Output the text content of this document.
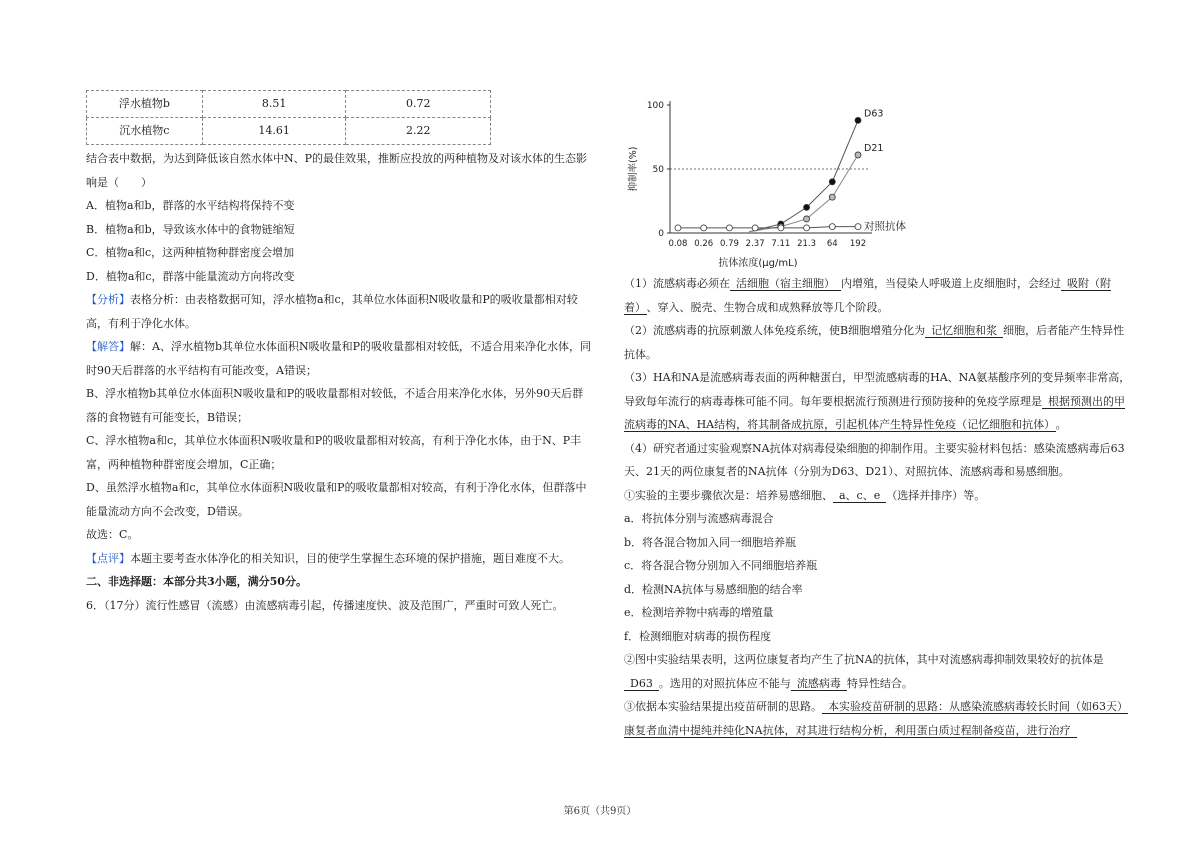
浮水植物b	8.51	0.72
沉水植物c	14.61	2.22

结合表中数据，为达到降低该自然水体中N、P的最佳效果，推断应投放的两种植物及对该水体的生态影响是（　　）

A．植物a和b，群落的水平结构将保持不变

B．植物a和b，导致该水体中的食物链缩短

C．植物a和c，这两种植物种群密度会增加

D．植物a和c，群落中能量流动方向将改变

【分析】表格分析：由表格数据可知，浮水植物a和c，其单位水体面积N吸收量和P的吸收量都相对较高，有利于净化水体。

【解答】解：A、浮水植物b其单位水体面积N吸收量和P的吸收量都相对较低，不适合用来净化水体，同时90天后群落的水平结构有可能改变，A错误；

B、浮水植物b其单位水体面积N吸收量和P的吸收量都相对较低，不适合用来净化水体，另外90天后群落的食物链有可能变长，B错误；

C、浮水植物a和c，其单位水体面积N吸收量和P的吸收量都相对较高，有利于净化水体，由于N、P丰富，两种植物种群密度会增加，C正确；

D、虽然浮水植物a和c，其单位水体面积N吸收量和P的吸收量都相对较高，有利于净化水体，但群落中能量流动方向不会改变，D错误。

故选：C。

【点评】本题主要考查水体净化的相关知识，目的使学生掌握生态环境的保护措施，题目难度不大。

二、非选择题：本部分共3小题，满分50分。

6．（17分）流行性感冒（流感）由流感病毒引起，传播速度快、波及范围广，严重时可致人死亡。

0
50
100
0.08 0.26 0.79 2.37 7.11 21.3 64 192
抑制率(%)
抗体浓度(μg/mL)
D63
D21
对照抗体

（1）流感病毒必须在 活细胞（宿主细胞） 内增殖，当侵染人呼吸道上皮细胞时，会经过 吸附（附着） 、穿入、脱壳、生物合成和成熟释放等几个阶段。

（2）流感病毒的抗原刺激人体免疫系统，使B细胞增殖分化为 记忆细胞和浆 细胞，后者能产生特异性抗体。

（3）HA和NA是流感病毒表面的两种糖蛋白，甲型流感病毒的HA、NA氨基酸序列的变异频率非常高，导致每年流行的病毒毒株可能不同。每年要根据流行预测进行预防接种的免疫学原理是 根据预测出的甲流病毒的NA、HA结构，将其制备成抗原，引起机体产生特异性免疫（记忆细胞和抗体） 。

（4）研究者通过实验观察NA抗体对病毒侵染细胞的抑制作用。主要实验材料包括：感染流感病毒后63天、21天的两位康复者的NA抗体（分别为D63、D21）、对照抗体、流感病毒和易感细胞。

①实验的主要步骤依次是：培养易感细胞、 a、c、e （选择并排序）等。

a．将抗体分别与流感病毒混合

b．将各混合物加入同一细胞培养瓶

c．将各混合物分别加入不同细胞培养瓶

d．检测NA抗体与易感细胞的结合率

e．检测培养物中病毒的增殖量

f．检测细胞对病毒的损伤程度

②图中实验结果表明，这两位康复者均产生了抗NA的抗体，其中对流感病毒抑制效果较好的抗体是D63 。选用的对照抗体应不能与 流感病毒 特异性结合。

③依据本实验结果提出疫苗研制的思路。 本实验疫苗研制的思路：从感染流感病毒较长时间（如63天）康复者血清中提纯并纯化NA抗体，对其进行结构分析，利用蛋白质过程制备疫苗，进行治疗

第6页（共9页）
